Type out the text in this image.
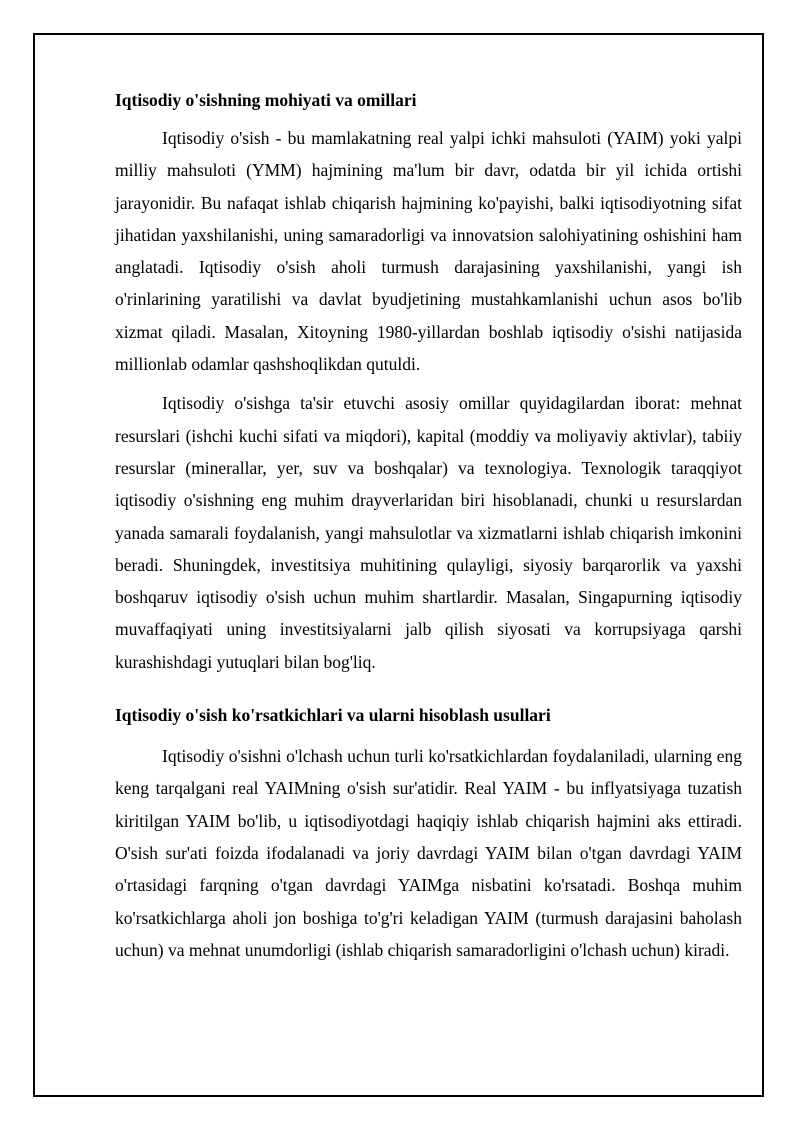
Iqtisodiy o'sishning mohiyati va omillari

Iqtisodiy o'sish - bu mamlakatning real yalpi ichki mahsuloti (YAIM) yoki yalpi milliy mahsuloti (YMM) hajmining ma'lum bir davr, odatda bir yil ichida ortishi jarayonidir. Bu nafaqat ishlab chiqarish hajmining ko'payishi, balki iqtisodiyotning sifat jihatidan yaxshilanishi, uning samaradorligi va innovatsion salohiyatining oshishini ham anglatadi. Iqtisodiy o'sish aholi turmush darajasining yaxshilanishi, yangi ish o'rinlarining yaratilishi va davlat byudjetining mustahkamlanishi uchun asos bo'lib xizmat qiladi. Masalan, Xitoyning 1980-yillardan boshlab iqtisodiy o'sishi natijasida millionlab odamlar qashshoqlikdan qutuldi.

Iqtisodiy o'sishga ta'sir etuvchi asosiy omillar quyidagilardan iborat: mehnat resurslari (ishchi kuchi sifati va miqdori), kapital (moddiy va moliyaviy aktivlar), tabiiy resurslar (minerallar, yer, suv va boshqalar) va texnologiya. Texnologik taraqqiyot iqtisodiy o'sishning eng muhim drayverlaridan biri hisoblanadi, chunki u resurslardan yanada samarali foydalanish, yangi mahsulotlar va xizmatlarni ishlab chiqarish imkonini beradi. Shuningdek, investitsiya muhitining qulayligi, siyosiy barqarorlik va yaxshi boshqaruv iqtisodiy o'sish uchun muhim shartlardir. Masalan, Singapurning iqtisodiy muvaffaqiyati uning investitsiyalarni jalb qilish siyosati va korrupsiyaga qarshi kurashishdagi yutuqlari bilan bog'liq.

Iqtisodiy o'sish ko'rsatkichlari va ularni hisoblash usullari

Iqtisodiy o'sishni o'lchash uchun turli ko'rsatkichlardan foydalaniladi, ularning eng keng tarqalgani real YAIMning o'sish sur'atidir. Real YAIM - bu inflyatsiyaga tuzatish kiritilgan YAIM bo'lib, u iqtisodiyotdagi haqiqiy ishlab chiqarish hajmini aks ettiradi. O'sish sur'ati foizda ifodalanadi va joriy davrdagi YAIM bilan o'tgan davrdagi YAIM o'rtasidagi farqning o'tgan davrdagi YAIMga nisbatini ko'rsatadi. Boshqa muhim ko'rsatkichlarga aholi jon boshiga to'g'ri keladigan YAIM (turmush darajasini baholash uchun) va mehnat unumdorligi (ishlab chiqarish samaradorligini o'lchash uchun) kiradi.
